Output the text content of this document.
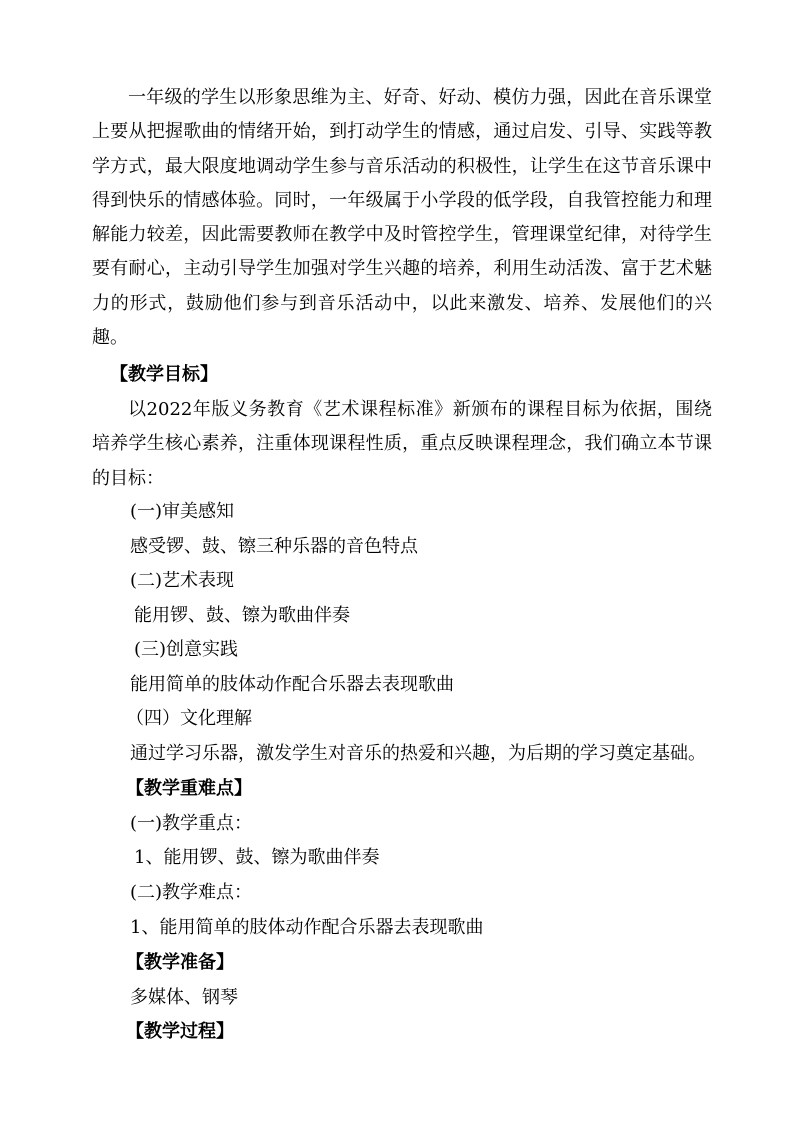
一年级的学生以形象思维为主、好奇、好动、模仿力强，因此在音乐课堂上要从把握歌曲的情绪开始，到打动学生的情感，通过启发、引导、实践等教学方式，最大限度地调动学生参与音乐活动的积极性，让学生在这节音乐课中得到快乐的情感体验。同时，一年级属于小学段的低学段，自我管控能力和理解能力较差，因此需要教师在教学中及时管控学生，管理课堂纪律，对待学生要有耐心，主动引导学生加强对学生兴趣的培养，利用生动活泼、富于艺术魅力的形式，鼓励他们参与到音乐活动中，以此来激发、培养、发展他们的兴趣。

【教学目标】

以2022年版义务教育《艺术课程标准》新颁布的课程目标为依据，围绕培养学生核心素养，注重体现课程性质，重点反映课程理念，我们确立本节课的目标：

(一)审美感知

感受锣、鼓、镲三种乐器的音色特点

(二)艺术表现

能用锣、鼓、镲为歌曲伴奏

(三)创意实践

能用简单的肢体动作配合乐器去表现歌曲

（四）文化理解

通过学习乐器，激发学生对音乐的热爱和兴趣，为后期的学习奠定基础。

【教学重难点】

(一)教学重点：

1、能用锣、鼓、镲为歌曲伴奏

(二)教学难点：

1、能用简单的肢体动作配合乐器去表现歌曲

【教学准备】

多媒体、钢琴

【教学过程】
